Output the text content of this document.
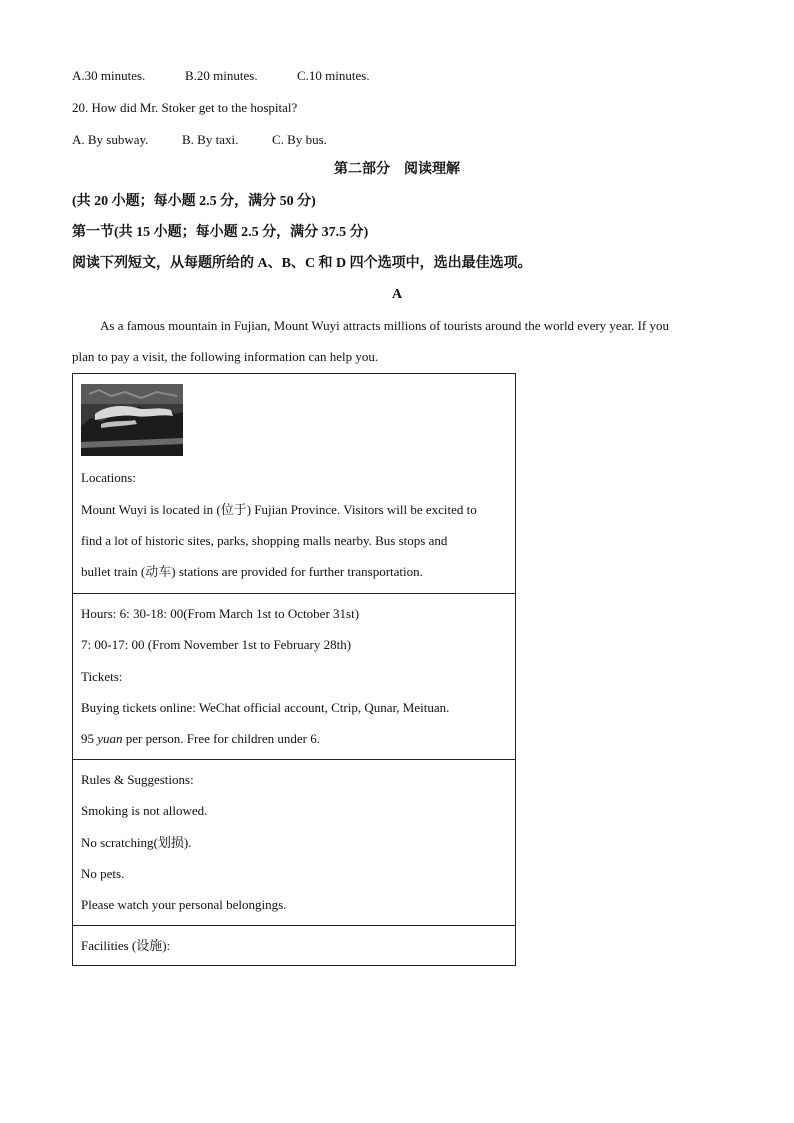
A.30 minutes.	B.20 minutes.	C.10 minutes.
20. How did Mr. Stoker get to the hospital?
A. By subway.	B. By taxi.	C. By bus.
第二部分　阅读理解
(共 20 小题；每小题 2.5 分，满分 50 分)
第一节(共 15 小题；每小题 2.5 分，满分 37.5 分)
阅读下列短文，从每题所给的 A、B、C 和 D 四个选项中，选出最佳选项。
A
As a famous mountain in Fujian, Mount Wuyi attracts millions of tourists around the world every year. If you
plan to pay a visit, the following information can help you.
Locations:
Mount Wuyi is located in (位于) Fujian Province. Visitors will be excited to
find a lot of historic sites, parks, shopping malls nearby. Bus stops and
bullet train (动车) stations are provided for further transportation.
Hours: 6: 30-18: 00(From March 1st to October 31st)
7: 00-17: 00 (From November 1st to February 28th)
Tickets:
Buying tickets online: WeChat official account, Ctrip, Qunar, Meituan.
95 yuan per person. Free for children under 6.
Rules & Suggestions:
Smoking is not allowed.
No scratching(划损).
No pets.
Please watch your personal belongings.
Facilities (设施):
